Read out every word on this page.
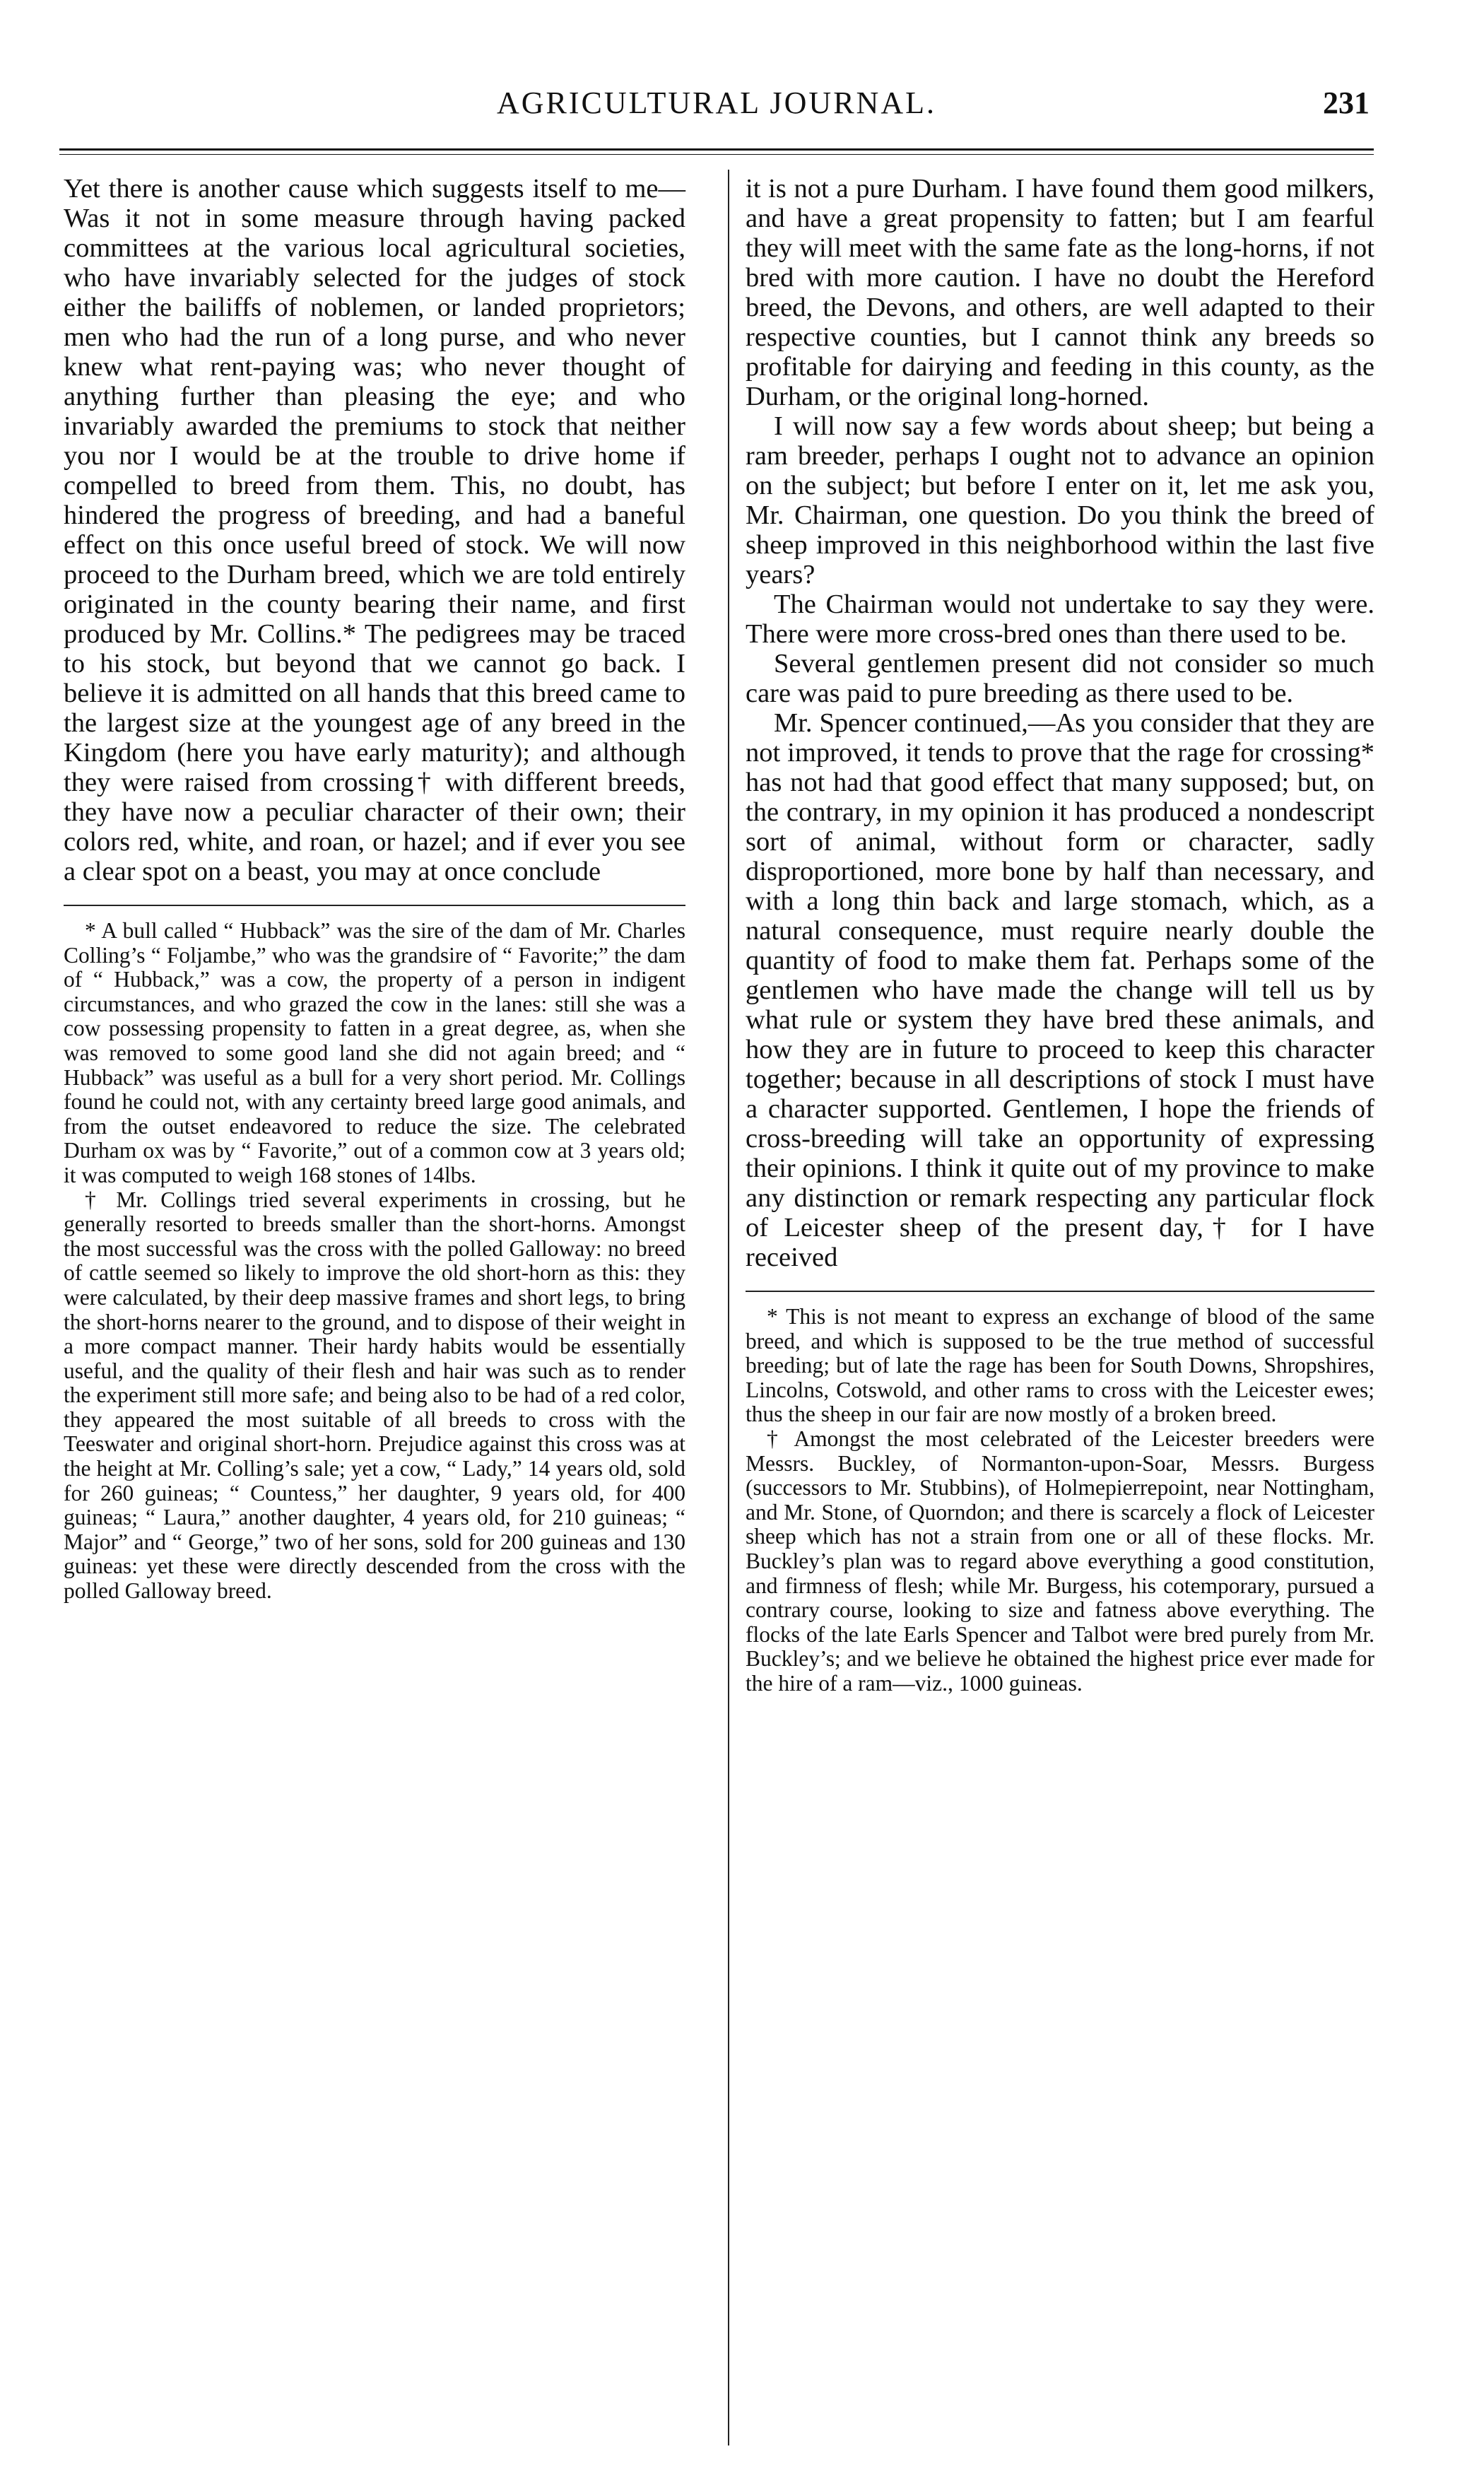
AGRICULTURAL JOURNAL.	231

Yet there is another cause which suggests itself to me—Was it not in some measure through having packed committees at the various local agricultural societies, who have invariably selected for the judges of stock either the bailiffs of noblemen, or landed proprietors; men who had the run of a long purse, and who never knew what rent-paying was; who never thought of anything further than pleasing the eye; and who invariably awarded the premiums to stock that neither you nor I would be at the trouble to drive home if compelled to breed from them. This, no doubt, has hindered the progress of breeding, and had a baneful effect on this once useful breed of stock. We will now proceed to the Durham breed, which we are told entirely originated in the county bearing their name, and first produced by Mr. Collins.* The pedigrees may be traced to his stock, but beyond that we cannot go back. I believe it is admitted on all hands that this breed came to the largest size at the youngest age of any breed in the Kingdom (here you have early maturity); and although they were raised from crossing† with different breeds, they have now a peculiar character of their own; their colors red, white, and roan, or hazel; and if ever you see a clear spot on a beast, you may at once conclude

* A bull called “ Hubback” was the sire of the dam of Mr. Charles Colling’s “ Foljambe,” who was the grandsire of “ Favorite;” the dam of “ Hubback,” was a cow, the property of a person in indigent circumstances, and who grazed the cow in the lanes: still she was a cow possessing propensity to fatten in a great degree, as, when she was removed to some good land she did not again breed; and “ Hubback” was useful as a bull for a very short period. Mr. Collings found he could not, with any certainty breed large good animals, and from the outset endeavored to reduce the size. The celebrated Durham ox was by “ Favorite,” out of a common cow at 3 years old; it was computed to weigh 168 stones of 14lbs.

† Mr. Collings tried several experiments in crossing, but he generally resorted to breeds smaller than the short-horns. Amongst the most successful was the cross with the polled Galloway: no breed of cattle seemed so likely to improve the old short-horn as this: they were calculated, by their deep massive frames and short legs, to bring the short-horns nearer to the ground, and to dispose of their weight in a more compact manner. Their hardy habits would be essentially useful, and the quality of their flesh and hair was such as to render the experiment still more safe; and being also to be had of a red color, they appeared the most suitable of all breeds to cross with the Teeswater and original short-horn. Prejudice against this cross was at the height at Mr. Colling’s sale; yet a cow, “ Lady,” 14 years old, sold for 260 guineas; “ Countess,” her daughter, 9 years old, for 400 guineas; “ Laura,” another daughter, 4 years old, for 210 guineas; “ Major” and “ George,” two of her sons, sold for 200 guineas and 130 guineas: yet these were directly descended from the cross with the polled Galloway breed.

it is not a pure Durham. I have found them good milkers, and have a great propensity to fatten; but I am fearful they will meet with the same fate as the long-horns, if not bred with more caution. I have no doubt the Hereford breed, the Devons, and others, are well adapted to their respective counties, but I cannot think any breeds so profitable for dairying and feeding in this county, as the Durham, or the original long-horned.

I will now say a few words about sheep; but being a ram breeder, perhaps I ought not to advance an opinion on the subject; but before I enter on it, let me ask you, Mr. Chairman, one question. Do you think the breed of sheep improved in this neighborhood within the last five years?

The Chairman would not undertake to say they were. There were more cross-bred ones than there used to be.

Several gentlemen present did not consider so much care was paid to pure breeding as there used to be.

Mr. Spencer continued,—As you consider that they are not improved, it tends to prove that the rage for crossing* has not had that good effect that many supposed; but, on the contrary, in my opinion it has produced a nondescript sort of animal, without form or character, sadly disproportioned, more bone by half than necessary, and with a long thin back and large stomach, which, as a natural consequence, must require nearly double the quantity of food to make them fat. Perhaps some of the gentlemen who have made the change will tell us by what rule or system they have bred these animals, and how they are in future to proceed to keep this character together; because in all descriptions of stock I must have a character supported. Gentlemen, I hope the friends of cross-breeding will take an opportunity of expressing their opinions. I think it quite out of my province to make any distinction or remark respecting any particular flock of Leicester sheep of the present day,† for I have received

* This is not meant to express an exchange of blood of the same breed, and which is supposed to be the true method of successful breeding; but of late the rage has been for South Downs, Shropshires, Lincolns, Cotswold, and other rams to cross with the Leicester ewes; thus the sheep in our fair are now mostly of a broken breed.

† Amongst the most celebrated of the Leicester breeders were Messrs. Buckley, of Normanton-upon-Soar, Messrs. Burgess (successors to Mr. Stubbins), of Holmepierrepoint, near Nottingham, and Mr. Stone, of Quorndon; and there is scarcely a flock of Leicester sheep which has not a strain from one or all of these flocks. Mr. Buckley’s plan was to regard above everything a good constitution, and firmness of flesh; while Mr. Burgess, his cotemporary, pursued a contrary course, looking to size and fatness above everything. The flocks of the late Earls Spencer and Talbot were bred purely from Mr. Buckley’s; and we believe he obtained the highest price ever made for the hire of a ram—viz., 1000 guineas.
